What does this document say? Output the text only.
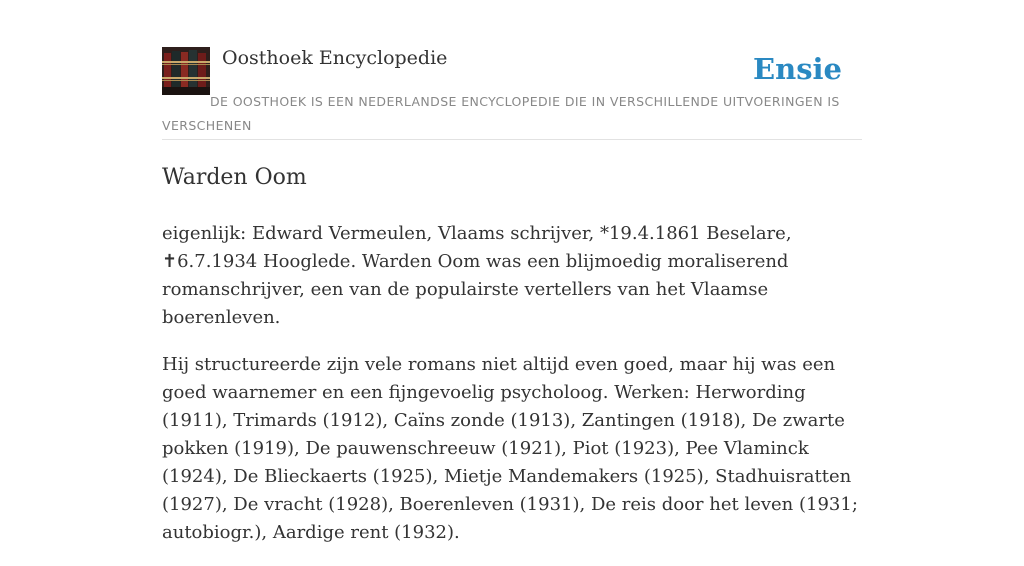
Oosthoek Encyclopedie	Ensie

DE OOSTHOEK IS EEN NEDERLANDSE ENCYCLOPEDIE DIE IN VERSCHILLENDE UITVOERINGEN IS VERSCHENEN

Warden Oom

eigenlijk: Edward Vermeulen, Vlaams schrijver, *19.4.1861 Beselare, ✝6.7.1934 Hooglede. Warden Oom was een blijmoedig moraliserend romanschrijver, een van de populairste vertellers van het Vlaamse boerenleven.

Hij structureerde zijn vele romans niet altijd even goed, maar hij was een goed waarnemer en een fijngevoelig psycholoog. Werken: Herwording (1911), Trimards (1912), Caïns zonde (1913), Zantingen (1918), De zwarte pokken (1919), De pauwenschreeuw (1921), Piot (1923), Pee Vlaminck (1924), De Blieckaerts (1925), Mietje Mandemakers (1925), Stadhuisratten (1927), De vracht (1928), Boerenleven (1931), De reis door het leven (1931; autobiogr.), Aardige rent (1932).
